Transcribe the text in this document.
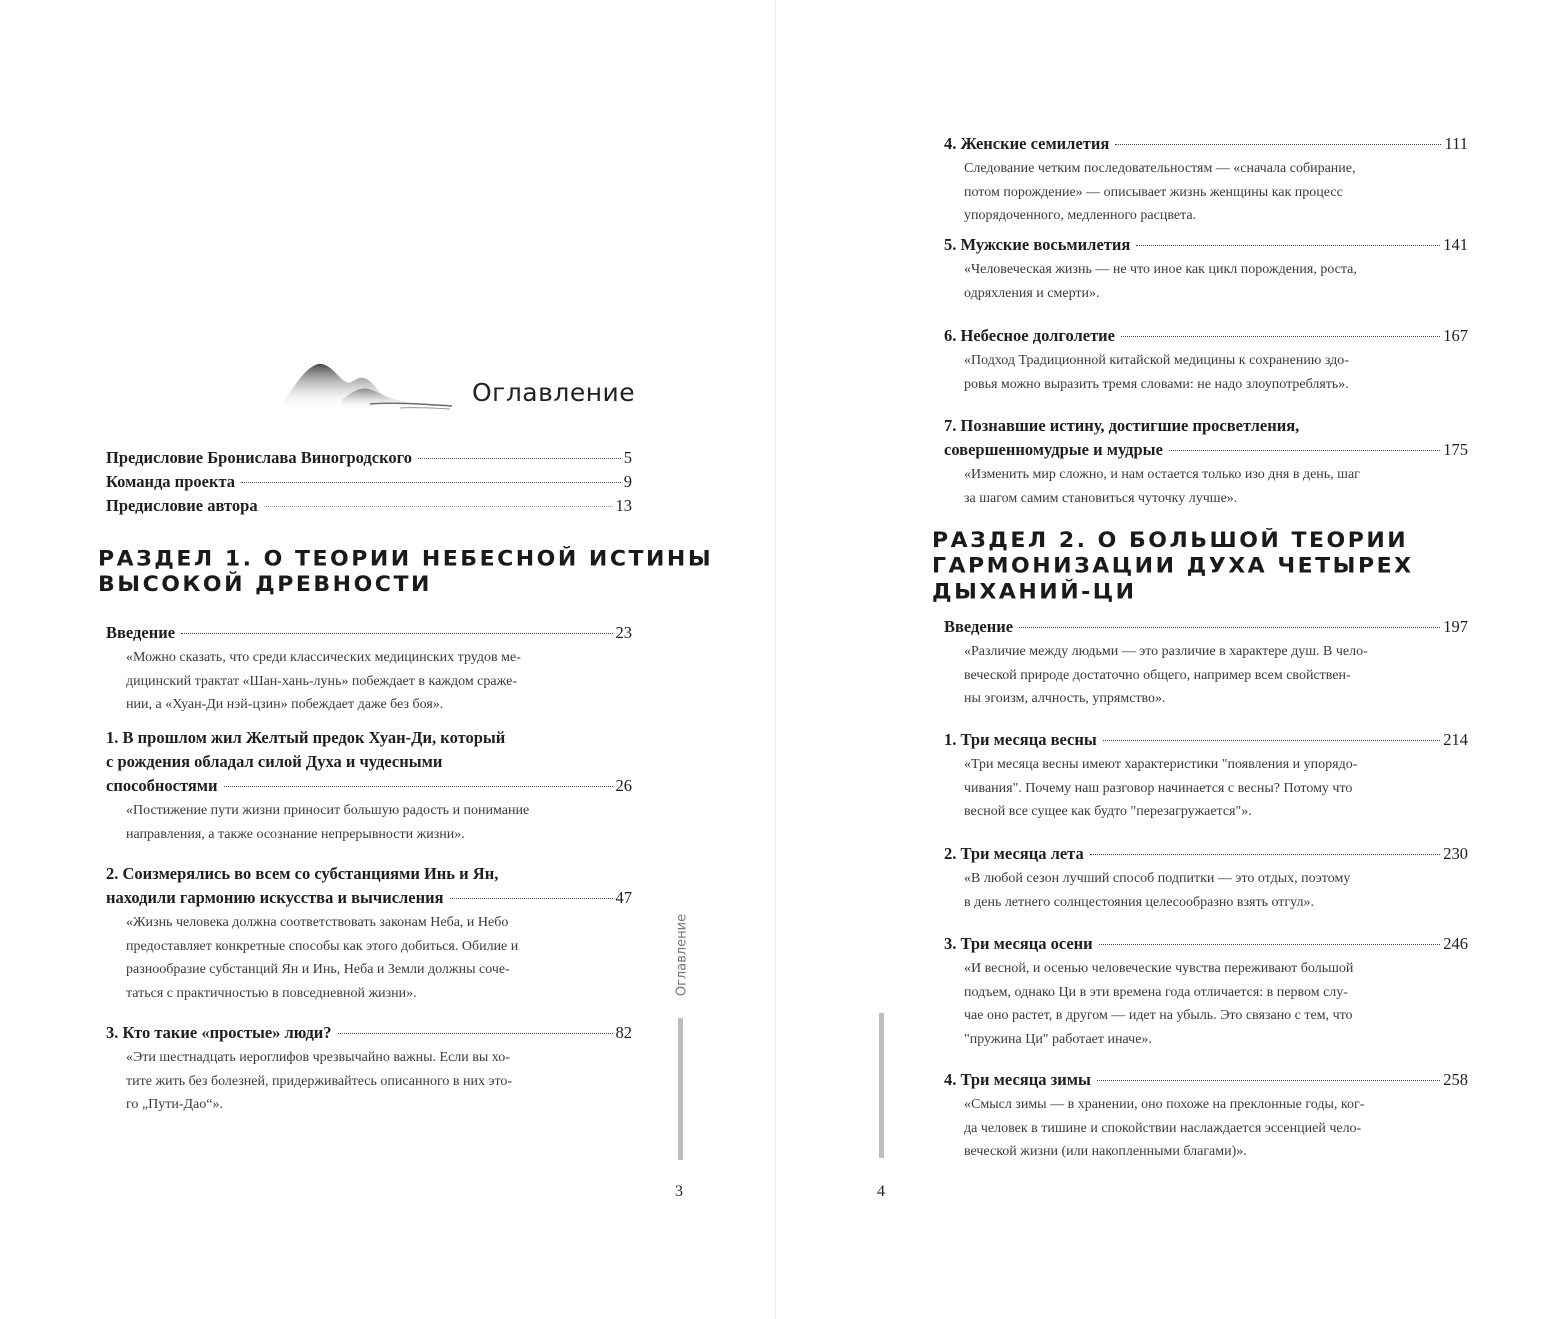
Оглавление
Предисловие Бронислава Виногродского	5
Команда проекта	9
Предисловие автора	13
РАЗДЕЛ 1. О ТЕОРИИ НЕБЕСНОЙ ИСТИНЫ
ВЫСОКОЙ ДРЕВНОСТИ
Введение	23
«Можно сказать, что среди классических медицинских трудов ме-
дицинский трактат «Шан-хань-лунь» побеждает в каждом сраже-
нии, а «Хуан-Ди нэй-цзин» побеждает даже без боя».
1. В прошлом жил Желтый предок Хуан-Ди, который
с рождения обладал силой Духа и чудесными
способностями	26
«Постижение пути жизни приносит большую радость и понимание
направления, а также осознание непрерывности жизни».
2. Соизмерялись во всем со субстанциями Инь и Ян,
находили гармонию искусства и вычисления	47
«Жизнь человека должна соответствовать законам Неба, и Небо
предоставляет конкретные способы как этого добиться. Обилие и
разнообразие субстанций Ян и Инь, Неба и Земли должны сочe-
таться с практичностью в повседневной жизни».
3. Кто такие «простые» люди?	82
«Эти шестнадцать иероглифов чрезвычайно важны. Если вы хо-
тите жить без болезней, придерживайтесь описанного в них это-
го „Пути-Дао“».
Оглавление
3
4. Женские семилетия	111
Следование четким последовательностям — «сначала собирание,
потом порождение» — описывает жизнь женщины как процесс
упорядоченного, медленного расцвета.
5. Мужские восьмилетия	141
«Человеческая жизнь — не что иное как цикл порождения, роста,
одряхления и смерти».
6. Небесное долголетие	167
«Подход Традиционной китайской медицины к сохранению здо-
ровья можно выразить тремя словами: не надо злоупотреблять».
7. Познавшие истину, достигшие просветления,
совершенномудрые и мудрые	175
«Изменить мир сложно, и нам остается только изо дня в день, шаг
за шагом самим становиться чуточку лучше».
РАЗДЕЛ 2. О БОЛЬШОЙ ТЕОРИИ
ГАРМОНИЗАЦИИ ДУХА ЧЕТЫРЕХ
ДЫХАНИЙ-ЦИ
Введение	197
«Различие между людьми — это различие в характере душ. В чело-
веческой природе достаточно общего, например всем свойствен-
ны эгоизм, алчность, упрямство».
1. Три месяца весны	214
«Три месяца весны имеют характеристики "появления и упорядо-
чивания". Почему наш разговор начинается с весны? Потому что
весной все сущее как будто "перезагружается"».
2. Три месяца лета	230
«В любой сезон лучший способ подпитки — это отдых, поэтому
в день летнего солнцестояния целесообразно взять отгул».
3. Три месяца осени	246
«И весной, и осенью человеческие чувства переживают большой
подъем, однако Ци в эти времена года отличается: в первом слу-
чае оно растет, в другом — идет на убыль. Это связано с тем, что
"пружина Ци" работает иначе».
4. Три месяца зимы	258
«Смысл зимы — в хранении, оно похоже на преклонные годы, ког-
да человек в тишине и спокойствии наслаждается эссенцией чело-
веческой жизни (или накопленными благами)».
4
